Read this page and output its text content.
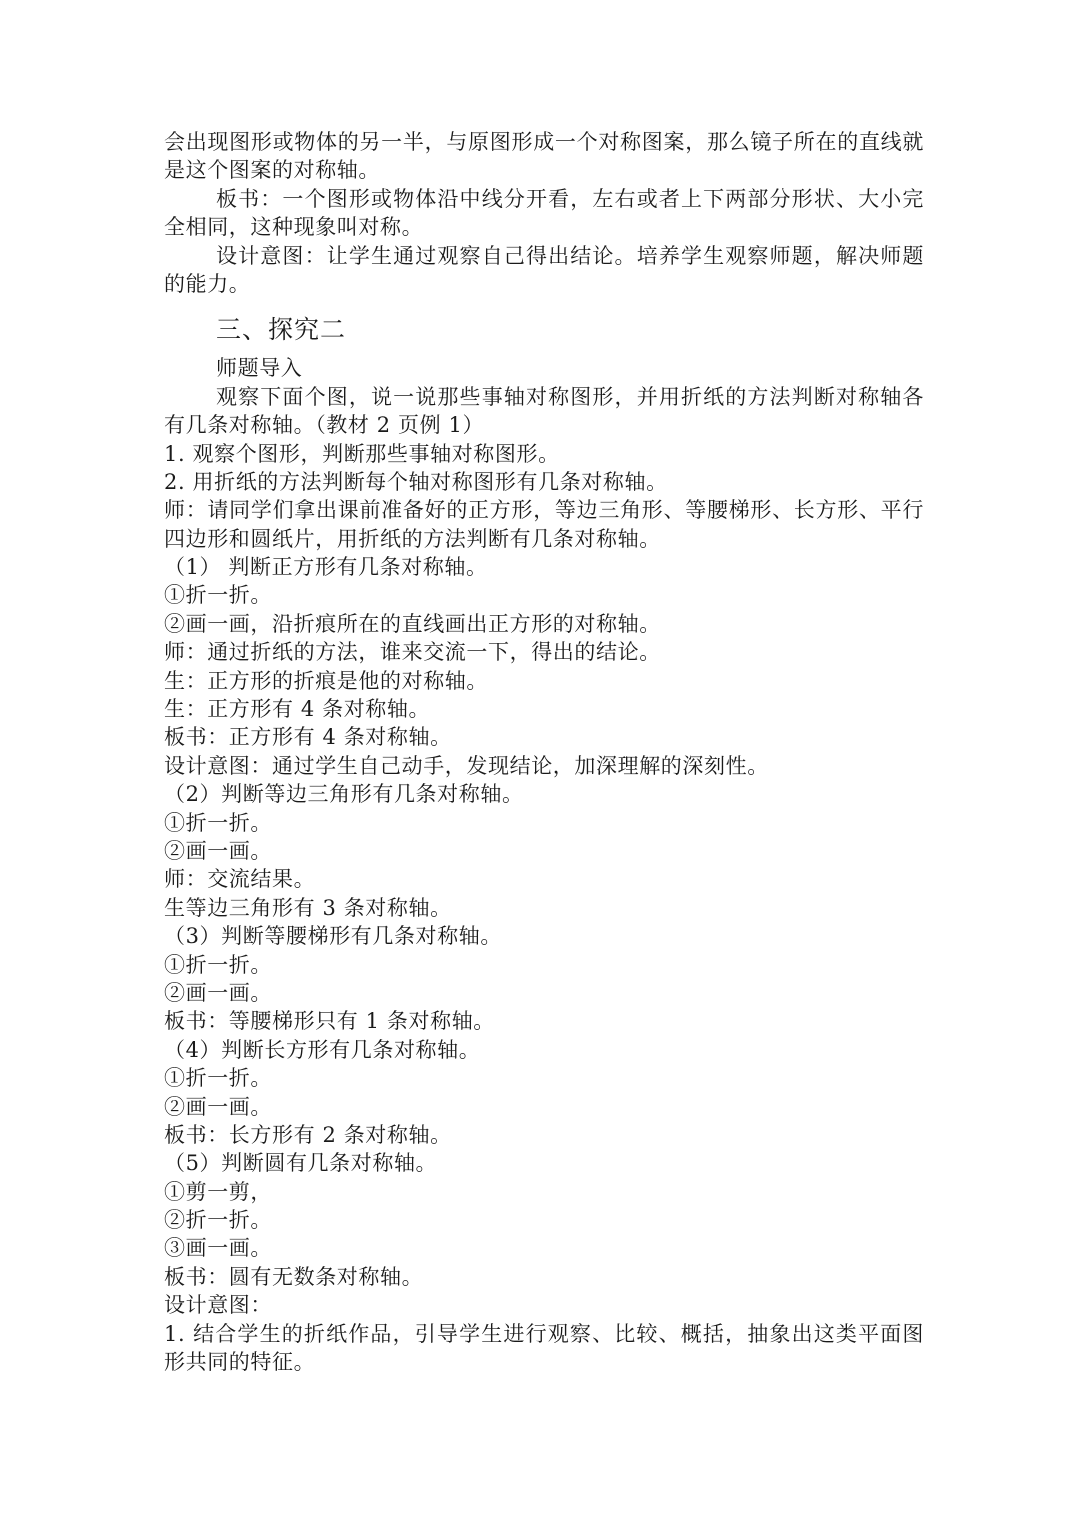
会出现图形或物体的另一半，与原图形成一个对称图案，那么镜子所在的直线就
是这个图案的对称轴。
板书：一个图形或物体沿中线分开看，左右或者上下两部分形状、大小完
全相同，这种现象叫对称。
设计意图：让学生通过观察自己得出结论。培养学生观察师题，解决师题
的能力。
三、探究二
师题导入
观察下面个图，说一说那些事轴对称图形，并用折纸的方法判断对称轴各
有几条对称轴。（教材 2 页例 1）
1. 观察个图形，判断那些事轴对称图形。
2. 用折纸的方法判断每个轴对称图形有几条对称轴。
师：请同学们拿出课前准备好的正方形，等边三角形、等腰梯形、长方形、平行
四边形和圆纸片，用折纸的方法判断有几条对称轴。
（1） 判断正方形有几条对称轴。
①折一折。
②画一画，沿折痕所在的直线画出正方形的对称轴。
师：通过折纸的方法，谁来交流一下，得出的结论。
生：正方形的折痕是他的对称轴。
生：正方形有 4 条对称轴。
板书：正方形有 4 条对称轴。
设计意图：通过学生自己动手，发现结论，加深理解的深刻性。
（2）判断等边三角形有几条对称轴。
①折一折。
②画一画。
师：交流结果。
生等边三角形有 3 条对称轴。
（3）判断等腰梯形有几条对称轴。
①折一折。
②画一画。
板书：等腰梯形只有 1 条对称轴。
（4）判断长方形有几条对称轴。
①折一折。
②画一画。
板书：长方形有 2 条对称轴。
（5）判断圆有几条对称轴。
①剪一剪，
②折一折。
③画一画。
板书：圆有无数条对称轴。
设计意图：
1. 结合学生的折纸作品，引导学生进行观察、比较、概括，抽象出这类平面图
形共同的特征。
